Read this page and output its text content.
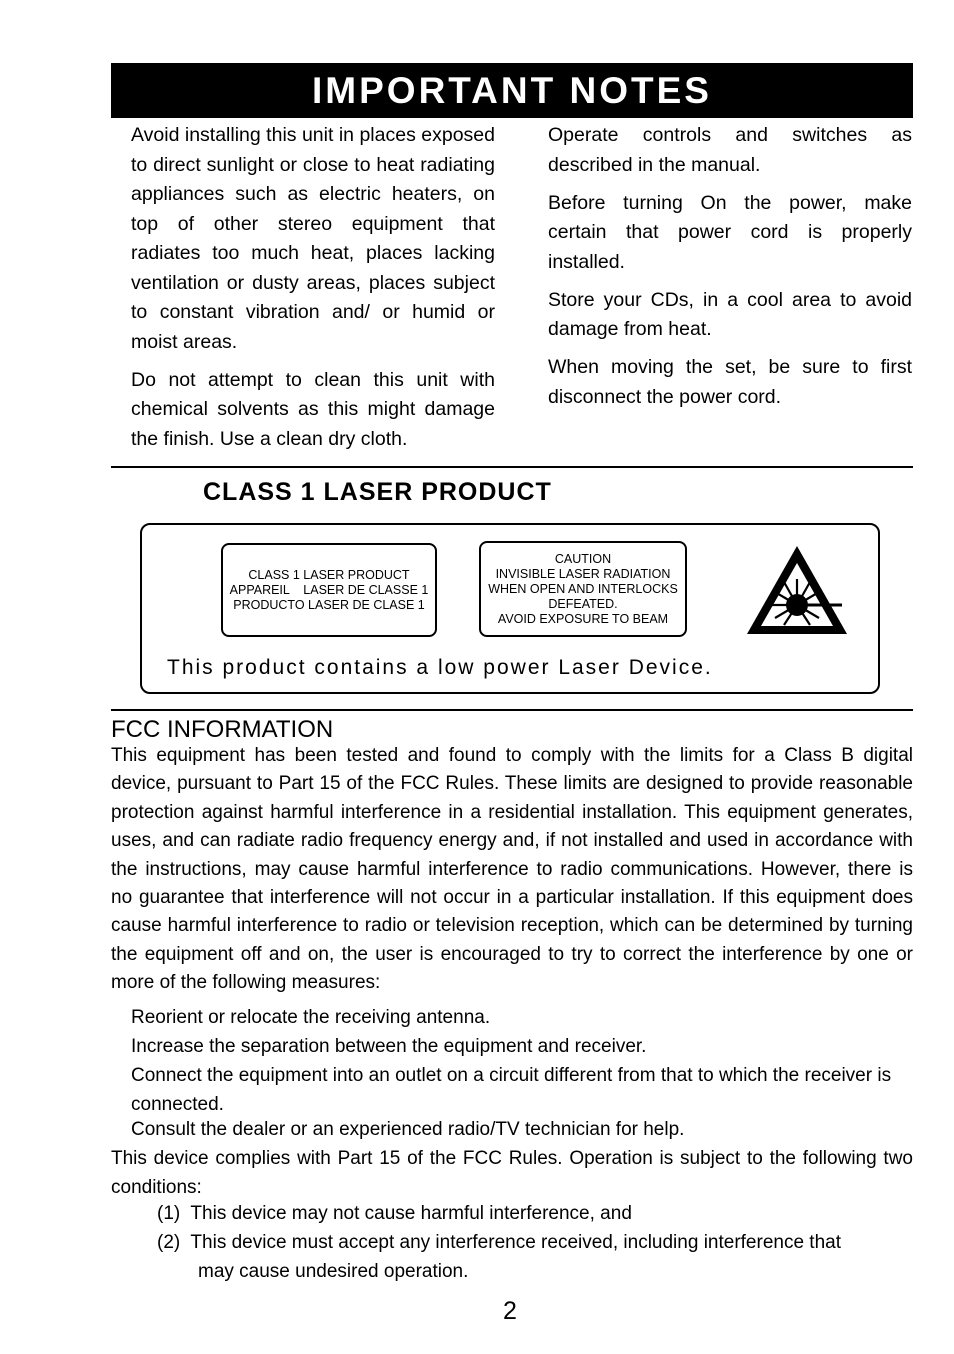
IMPORTANT NOTES

Avoid installing this unit in places exposed to direct sunlight or close to heat radiating appliances such as electric heaters, on top of other stereo equipment that radiates too much heat, places lacking ventilation or dusty areas, places subject to constant vibration and/ or humid or moist areas.

Do not attempt to clean this unit with chemical solvents as this might damage the finish. Use a clean dry cloth.

Operate controls and switches as described in the manual.

Before turning On the power, make certain that power cord is properly installed.

Store your CDs, in a cool area to avoid damage from heat.

When moving the set, be sure to first disconnect the power cord.

CLASS 1 LASER PRODUCT
CLASS 1 LASER PRODUCT
APPAREIL    LASER DE CLASSE 1
PRODUCTO LASER DE CLASE 1
CAUTION
INVISIBLE LASER RADIATION
WHEN OPEN AND INTERLOCKS
DEFEATED.
AVOID EXPOSURE TO BEAM
This product contains a low power Laser Device.
FCC INFORMATION
This equipment has been tested and found to comply with the limits for a Class B digital
device, pursuant to Part 15 of the FCC Rules. These limits are designed to provide reasonable
protection against harmful interference in a residential installation. This equipment generates,
uses, and can radiate radio frequency energy and, if not installed and used in accordance with
the instructions, may cause harmful interference to radio communications. However, there is
no guarantee that interference will not occur in a particular installation. If this equipment does
cause harmful interference to radio or television reception, which can be determined by turning
the equipment off and on, the user is encouraged to try to correct the interference by one or
more of the following measures:
Reorient or relocate the receiving antenna.
Increase the separation between the equipment and receiver.
Connect the equipment into an outlet on a circuit different from that to which the receiver is connected.
Consult the dealer or an experienced radio/TV technician for help.
This device complies with Part 15 of the FCC Rules. Operation is subject to the following two conditions:
(1)  This device may not cause harmful interference, and
(2)  This device must accept any interference received, including interference that
may cause undesired operation.
2
